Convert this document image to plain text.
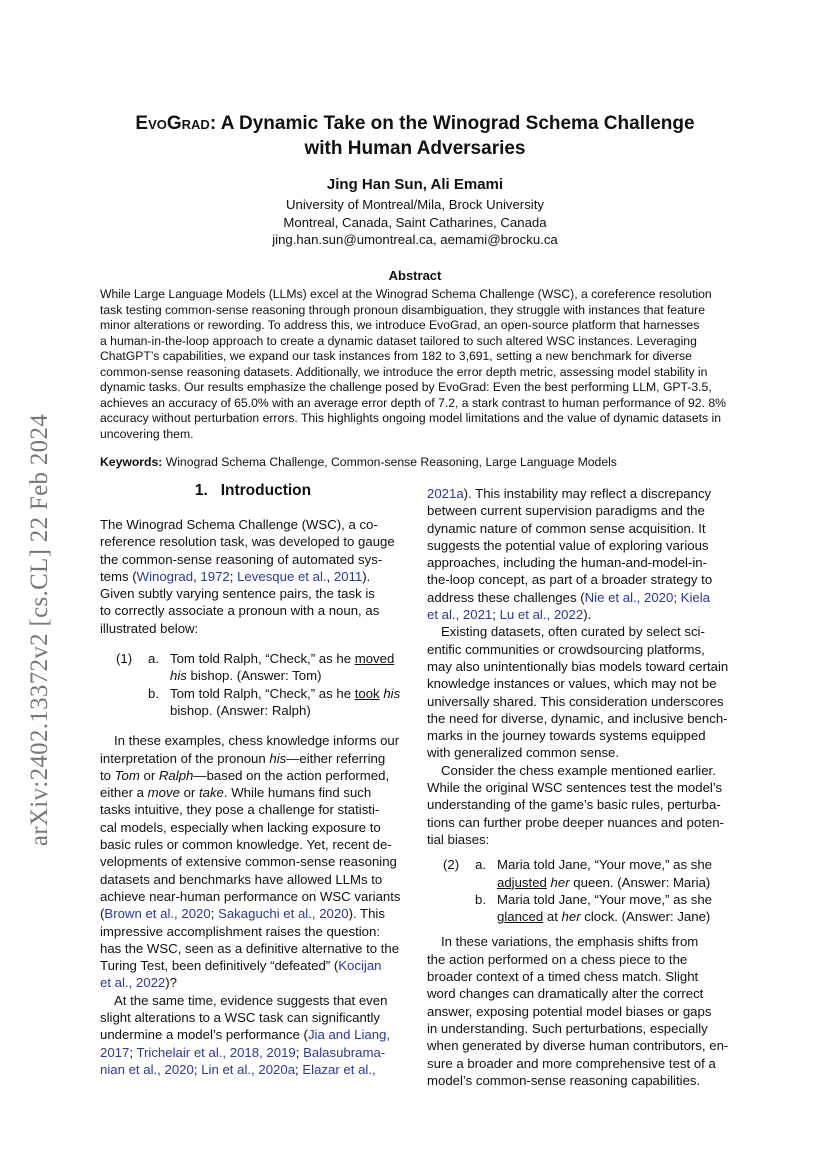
arXiv:2402.13372v2 [cs.CL] 22 Feb 2024
EvoGrad: A Dynamic Take on the Winograd Schema Challenge
with Human Adversaries
Jing Han Sun, Ali Emami
University of Montreal/Mila, Brock University
Montreal, Canada, Saint Catharines, Canada
jing.han.sun@umontreal.ca, aemami@brocku.ca
Abstract
While Large Language Models (LLMs) excel at the Winograd Schema Challenge (WSC), a coreference resolution
task testing common-sense reasoning through pronoun disambiguation, they struggle with instances that feature
minor alterations or rewording. To address this, we introduce EvoGrad, an open-source platform that harnesses
a human-in-the-loop approach to create a dynamic dataset tailored to such altered WSC instances. Leveraging
ChatGPT’s capabilities, we expand our task instances from 182 to 3,691, setting a new benchmark for diverse
common-sense reasoning datasets. Additionally, we introduce the error depth metric, assessing model stability in
dynamic tasks. Our results emphasize the challenge posed by EvoGrad: Even the best performing LLM, GPT-3.5,
achieves an accuracy of 65.0% with an average error depth of 7.2, a stark contrast to human performance of 92. 8%
accuracy without perturbation errors. This highlights ongoing model limitations and the value of dynamic datasets in
uncovering them.
Keywords: Winograd Schema Challenge, Common-sense Reasoning, Large Language Models
1. Introduction
The Winograd Schema Challenge (WSC), a co-
reference resolution task, was developed to gauge
the common-sense reasoning of automated sys-
tems (Winograd, 1972; Levesque et al., 2011).
Given subtly varying sentence pairs, the task is
to correctly associate a pronoun with a noun, as
illustrated below:
(1) a. Tom told Ralph, “Check,” as he moved
his bishop. (Answer: Tom)
b. Tom told Ralph, “Check,” as he took his
bishop. (Answer: Ralph)
In these examples, chess knowledge informs our
interpretation of the pronoun his—either referring
to Tom or Ralph—based on the action performed,
either a move or take. While humans find such
tasks intuitive, they pose a challenge for statisti-
cal models, especially when lacking exposure to
basic rules or common knowledge. Yet, recent de-
velopments of extensive common-sense reasoning
datasets and benchmarks have allowed LLMs to
achieve near-human performance on WSC variants
(Brown et al., 2020; Sakaguchi et al., 2020). This
impressive accomplishment raises the question:
has the WSC, seen as a definitive alternative to the
Turing Test, been definitively “defeated” (Kocijan
et al., 2022)?
At the same time, evidence suggests that even
slight alterations to a WSC task can significantly
undermine a model’s performance (Jia and Liang,
2017; Trichelair et al., 2018, 2019; Balasubrama-
nian et al., 2020; Lin et al., 2020a; Elazar et al.,
2021a). This instability may reflect a discrepancy
between current supervision paradigms and the
dynamic nature of common sense acquisition. It
suggests the potential value of exploring various
approaches, including the human-and-model-in-
the-loop concept, as part of a broader strategy to
address these challenges (Nie et al., 2020; Kiela
et al., 2021; Lu et al., 2022).
Existing datasets, often curated by select sci-
entific communities or crowdsourcing platforms,
may also unintentionally bias models toward certain
knowledge instances or values, which may not be
universally shared. This consideration underscores
the need for diverse, dynamic, and inclusive bench-
marks in the journey towards systems equipped
with generalized common sense.
Consider the chess example mentioned earlier.
While the original WSC sentences test the model’s
understanding of the game’s basic rules, perturba-
tions can further probe deeper nuances and poten-
tial biases:
(2) a. Maria told Jane, “Your move,” as she
adjusted her queen. (Answer: Maria)
b. Maria told Jane, “Your move,” as she
glanced at her clock. (Answer: Jane)
In these variations, the emphasis shifts from
the action performed on a chess piece to the
broader context of a timed chess match. Slight
word changes can dramatically alter the correct
answer, exposing potential model biases or gaps
in understanding. Such perturbations, especially
when generated by diverse human contributors, en-
sure a broader and more comprehensive test of a
model’s common-sense reasoning capabilities.
